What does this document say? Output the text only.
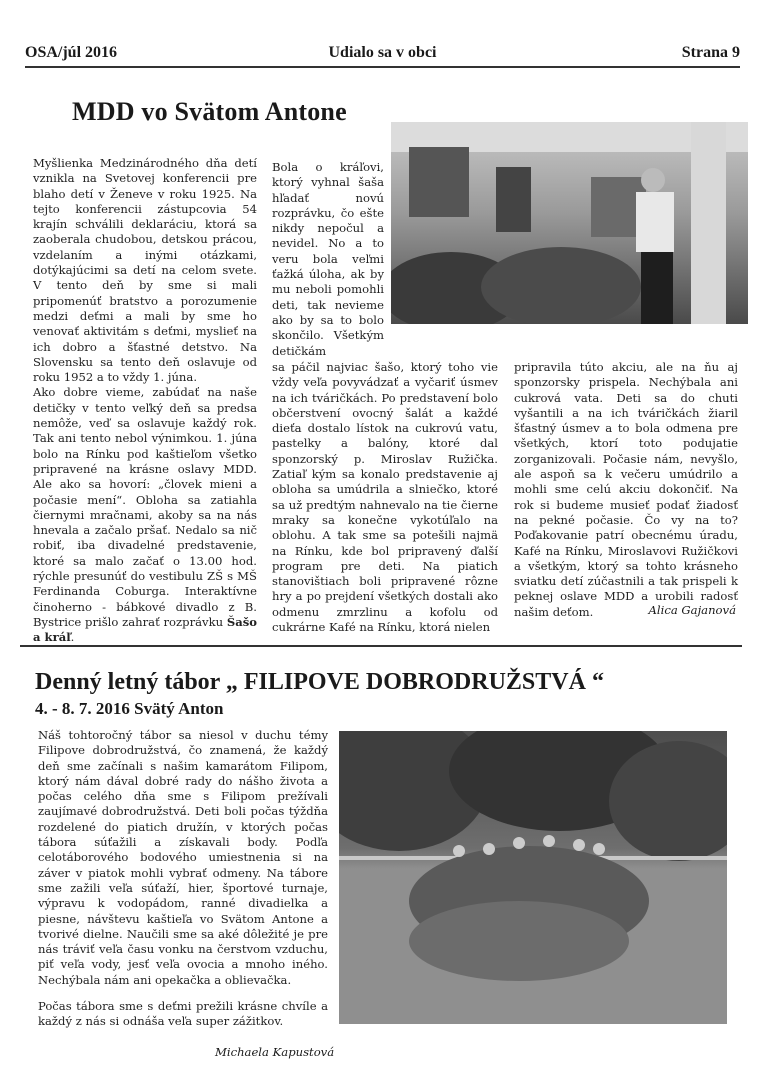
Udialo sa v obci
OSA/júl 2016	Strana 9
MDD vo Svätom Antone

Myšlienka Medzinárodného dňa detí vznikla na Svetovej konferencii pre blaho detí v Ženeve v roku 1925. Na tejto konferencii zástupcovia 54 krajín schválili deklaráciu, ktorá sa zaoberala chudobou, detskou prácou, vzdelaním a inými otázkami, dotýkajúcimi sa detí na celom svete. V tento deň by sme si mali pripomenúť bratstvo a porozumenie medzi deťmi a mali by sme ho venovať aktivitám s deťmi, myslieť na ich dobro a šťastné detstvo. Na Slovensku sa tento deň oslavuje od roku 1952 a to vždy 1. júna.

Ako dobre vieme, zabúdať na naše detičky v tento veľký deň sa predsa nemôže, veď sa oslavuje každý rok. Tak ani tento nebol výnimkou. 1. júna bolo na Rínku pod kaštieľom všetko pripravené na krásne oslavy MDD. Ale ako sa hovorí: „človek mieni a počasie mení“. Obloha sa zatiahla čiernymi mračnami, akoby sa na nás hnevala a začalo pršať. Nedalo sa nič robiť, iba divadelné predstavenie, ktoré sa malo začať o 13.00 hod. rýchle presunúť do vestibulu ZŠ s MŠ Ferdinanda Coburga. Interaktívne činoherno - bábkové divadlo z B. Bystrice prišlo zahrať rozprávku Šašo a kráľ.

Bola o kráľovi, ktorý vyhnal šaša hľadať novú rozprávku, čo ešte nikdy nepočul a nevidel. No a to veru bola veľmi ťažká úloha, ak by mu neboli pomohli deti, tak nevieme ako by sa to bolo skončilo. Všetkým detičkám
sa páčil najviac šašo, ktorý toho vie vždy veľa povyvádzať a vyčariť úsmev na ich tváričkách. Po predstavení bolo občerstvení ovocný šalát a každé dieťa dostalo lístok na cukrovú vatu, pastelky a balóny, ktoré dal sponzorský p. Miroslav Ružička. Zatiaľ kým sa konalo predstavenie aj obloha sa umúdrila a slniečko, ktoré sa už predtým nahnevalo na tie čierne mraky sa konečne vykotúľalo na oblohu. A tak sme sa potešili najmä na Rínku, kde bol pripravený ďalší program pre deti. Na piatich stanovištiach boli pripravené rôzne hry a po prejdení všetkých dostali ako odmenu zmrzlinu a kofolu od cukrárne Kafé na Rínku, ktorá nielen
pripravila túto akciu, ale na ňu aj sponzorsky prispela. Nechýbala ani cukrová vata. Deti sa do chuti vyšantili a na ich tváričkách žiaril šťastný úsmev a to bola odmena pre všetkých, ktorí toto podujatie zorganizovali. Počasie nám, nevyšlo, ale aspoň sa k večeru umúdrilo a mohli sme celú akciu dokončiť. Na rok si budeme musieť podať žiadosť na pekné počasie. Čo vy na to? Poďakovanie patrí obecnému úradu, Kafé na Rínku, Miroslavovi Ružičkovi a všetkým, ktorý sa tohto krásneho sviatku detí zúčastnili a tak prispeli k peknej oslave MDD a urobili radosť našim deťom.	Alica Gajanová
Denný letný tábor „ FILIPOVE DOBRODRUŽSTVÁ “
4. - 8. 7. 2016 Svätý Anton

Náš tohtoročný tábor sa niesol v duchu témy Filipove dobrodružstvá, čo znamená, že každý deň sme začínali s našim kamarátom Filipom, ktorý nám dával dobré rady do nášho života a počas celého dňa sme s Filipom prežívali zaujímavé dobrodružstvá. Deti boli počas týždňa rozdelené do piatich družín, v ktorých počas tábora súťažili a získavali body. Podľa celotáborového bodového umiestnenia si na záver v piatok mohli vybrať odmeny. Na tábore sme zažili veľa súťaží, hier, športové turnaje, výpravu k vodopádom, ranné divadielka a piesne, návštevu kaštieľa vo Svätom Antone a tvorivé dielne. Naučili sme sa aké dôležité je pre nás tráviť veľa času vonku na čerstvom vzduchu, piť veľa vody, jesť veľa ovocia a mnoho iného. Nechýbala nám ani opekačka a oblievačka.

Počas tábora sme s deťmi prežili krásne chvíle a každý z nás si odnáša veľa super zážitkov.

Michaela Kapustová
